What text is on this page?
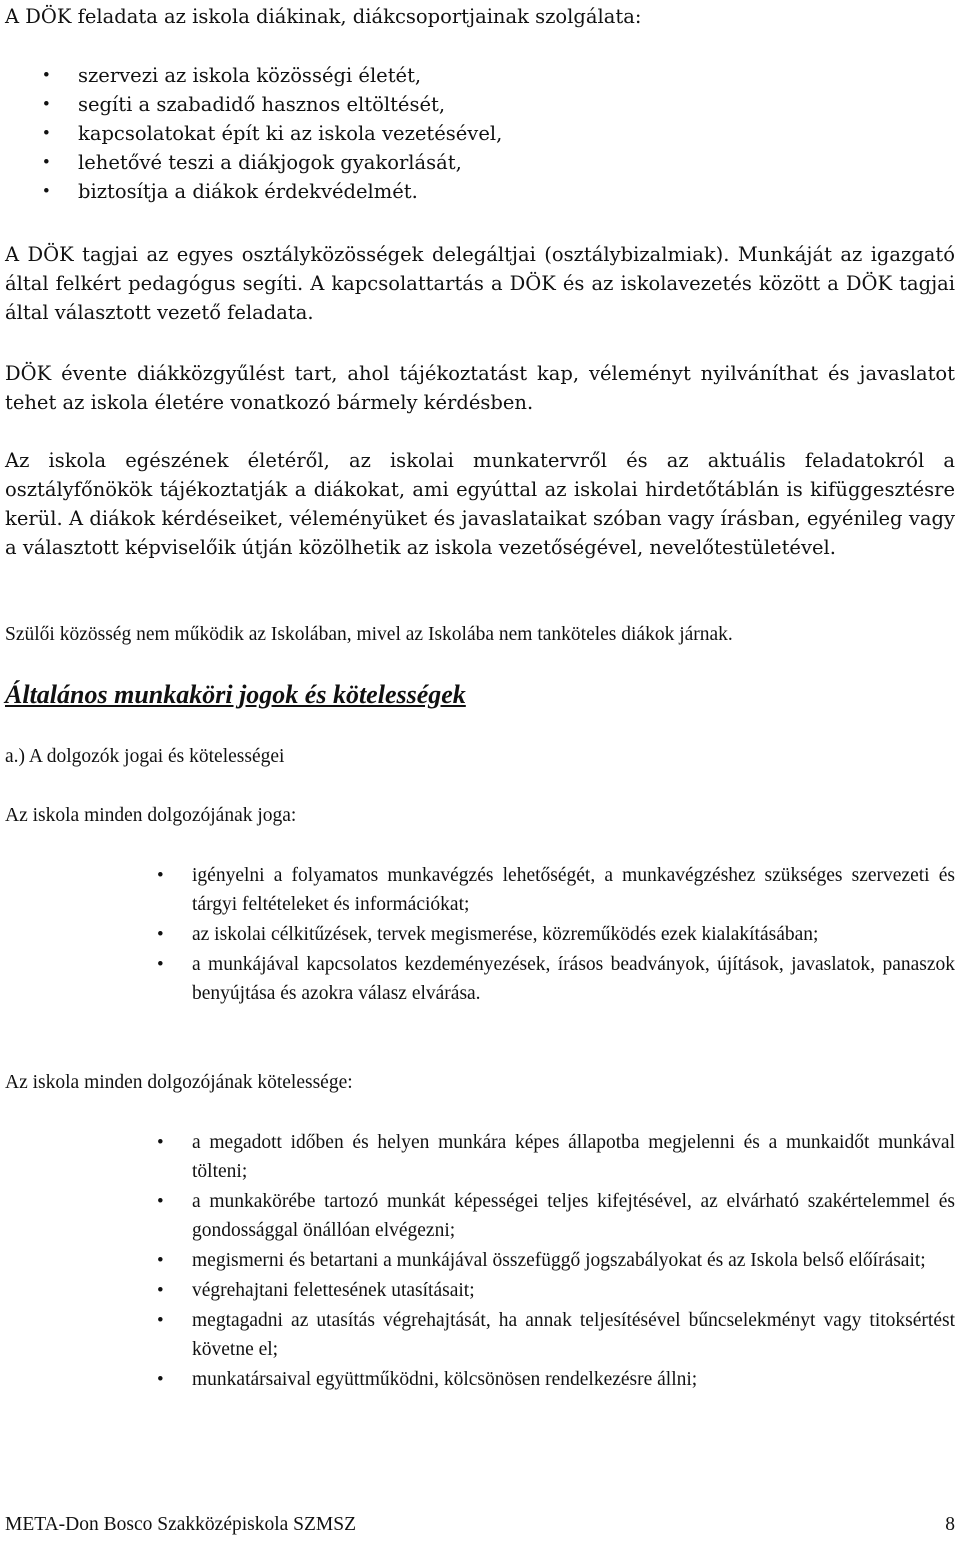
A DÖK feladata az iskola diákinak, diákcsoportjainak szolgálata:

• szervezi az iskola közösségi életét,
• segíti a szabadidő hasznos eltöltését,
• kapcsolatokat épít ki az iskola vezetésével,
• lehetővé teszi a diákjogok gyakorlását,
• biztosítja a diákok érdekvédelmét.

A DÖK tagjai az egyes osztályközösségek delegáltjai (osztálybizalmiak). Munkáját az igazgató által felkért pedagógus segíti. A kapcsolattartás a DÖK és az iskolavezetés között a DÖK tagjai által választott vezető feladata.

DÖK évente diákközgyűlést tart, ahol tájékoztatást kap, véleményt nyilváníthat és javaslatot tehet az iskola életére vonatkozó bármely kérdésben.

Az iskola egészének életéről, az iskolai munkatervről és az aktuális feladatokról a osztályfőnökök tájékoztatják a diákokat, ami egyúttal az iskolai hirdetőtáblán is kifüggesztésre kerül. A diákok kérdéseiket, véleményüket és javaslataikat szóban vagy írásban, egyénileg vagy a választott képviselőik útján közölhetik az iskola vezetőségével, nevelőtestületével.

Szülői közösség nem működik az Iskolában, mivel az Iskolába nem tanköteles diákok járnak.

Általános munkaköri jogok és kötelességek

a.) A dolgozók jogai és kötelességei

Az iskola minden dolgozójának joga:

• igényelni a folyamatos munkavégzés lehetőségét, a munkavégzéshez szükséges szervezeti és tárgyi feltételeket és információkat;
• az iskolai célkitűzések, tervek megismerése, közreműködés ezek kialakításában;
• a munkájával kapcsolatos kezdeményezések, írásos beadványok, újítások, javaslatok, panaszok benyújtása és azokra válasz elvárása.

Az iskola minden dolgozójának kötelessége:

• a megadott időben és helyen munkára képes állapotba megjelenni és a munkaidőt munkával tölteni;
• a munkakörébe tartozó munkát képességei teljes kifejtésével, az elvárható szakértelemmel és gondossággal önállóan elvégezni;
• megismerni és betartani a munkájával összefüggő jogszabályokat és az Iskola belső előírásait;
• végrehajtani felettesének utasításait;
• megtagadni az utasítás végrehajtását, ha annak teljesítésével bűncselekményt vagy titoksértést követne el;
• munkatársaival együttműködni, kölcsönösen rendelkezésre állni;
META-Don Bosco Szakközépiskola SZMSZ	8
